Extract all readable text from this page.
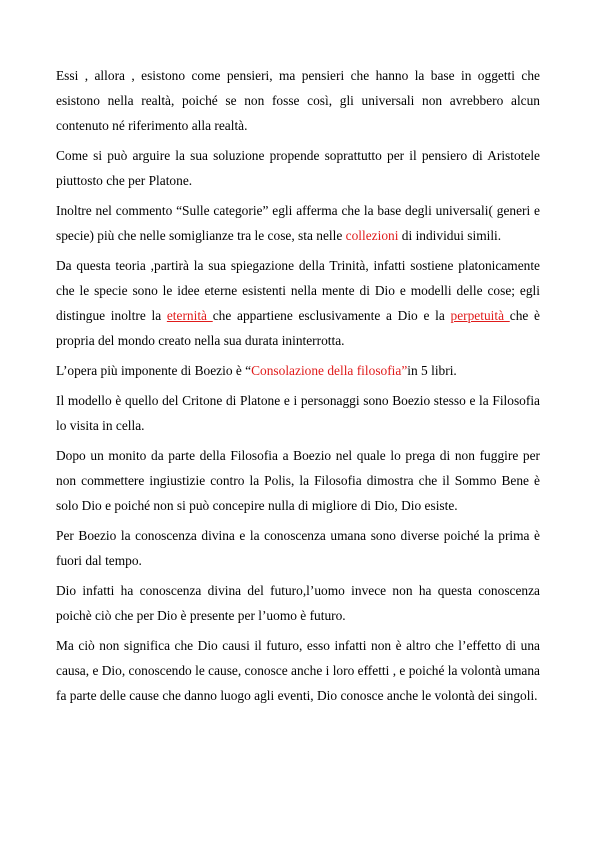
Essi , allora , esistono come pensieri, ma pensieri che hanno la base in oggetti che esistono nella realtà, poiché se non fosse così, gli universali non avrebbero alcun contenuto né riferimento alla realtà.

Come si può arguire la sua soluzione propende soprattutto per il pensiero di Aristotele piuttosto che per Platone.

Inoltre nel commento “Sulle categorie” egli afferma che la base degli universali( generi e specie) più che nelle somiglianze tra le cose, sta nelle collezioni di individui simili.

Da questa teoria ,partirà la sua spiegazione della Trinità, infatti sostiene platonicamente che le specie sono le idee eterne esistenti nella mente di Dio e modelli delle cose; egli distingue inoltre la eternità che appartiene esclusivamente a Dio e la perpetuità che è propria del mondo creato nella sua durata ininterrotta.

L’opera più imponente di Boezio è “Consolazione della filosofia”in 5 libri.

Il modello è quello del Critone di Platone e i personaggi sono Boezio stesso e la Filosofia lo visita in cella.

Dopo un monito da parte della Filosofia a Boezio nel quale lo prega di non fuggire per non commettere ingiustizie contro la Polis, la Filosofia dimostra che il Sommo Bene è solo Dio e poiché non si può concepire nulla di migliore di Dio, Dio esiste.

Per Boezio la conoscenza divina e la conoscenza umana sono diverse poiché la prima è fuori dal tempo.

Dio infatti ha conoscenza divina del futuro,l’uomo invece non ha questa conoscenza poichè ciò che per Dio è presente per l’uomo è futuro.

Ma ciò non significa che Dio causi il futuro, esso infatti non è altro che l’effetto di una causa, e Dio, conoscendo le cause, conosce anche i loro effetti , e poiché la volontà umana fa parte delle cause che danno luogo agli eventi, Dio conosce anche le volontà dei singoli.
